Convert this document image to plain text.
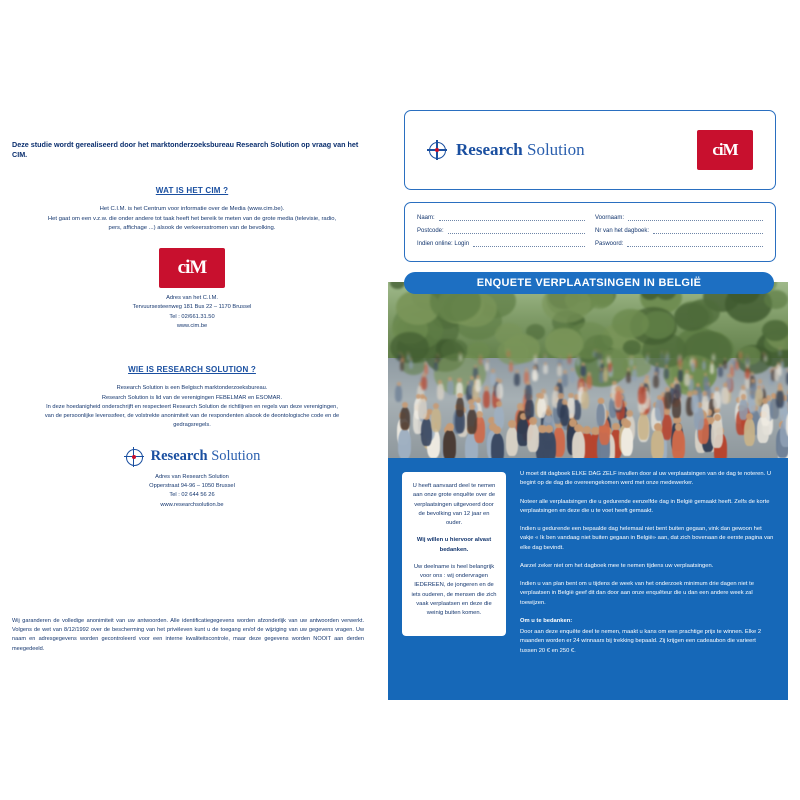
Deze studie wordt gerealiseerd door het marktonderzoeksbureau Research Solution op vraag van het CIM.

WAT IS HET CIM ?

Het C.I.M. is het Centrum voor informatie over de Media (www.cim.be).

Het gaat om een v.z.w. die onder andere tot taak heeft het bereik te meten van de grote media (televisie, radio, pers, affichage ...) alsook de verkeersstromen van de bevolking.

ciM
Adres van het C.I.M.
Tervuursesteenweg 181 Bus 22 – 1170 Brussel
Tel : 02/661.31.50
www.cim.be
WIE IS RESEARCH SOLUTION ?

Research Solution is een Belgisch marktonderzoeksbureau.

Research Solution is lid van de verenigingen FEBELMAR en ESOMAR.

In deze hoedanigheid onderschrijft en respecteert Research Solution de richtlijnen en regels van deze verenigingen, van de persoonlijke levenssfeer, de volstrekte anonimiteit van de respondenten alsook de deontologische code en de gedragsregels.

Research Solution
Adres van Research Solution
Opperstraat 94-96 – 1050 Brussel
Tel : 02 644 56 26
www.researchsolution.be
Wij garanderen de volledige anonimiteit van uw antwoorden. Alle identificatiegegevens worden afzonderlijk van uw antwoorden verwerkt. Volgens de wet van 8/12/1992 over de bescherming van het privéleven kunt u de toegang en/of de wijziging van uw gegevens vragen. Uw naam en adresgegevens worden gecontroleerd voor een interne kwaliteitscontrole, maar deze gegevens worden NOOIT aan derden meegedeeld.
Research Solution	ciM
Naam:	Voornaam:
Postcode:	Nr van het dagboek:
Indien online: Login	Paswoord:
ENQUETE VERPLAATSINGEN IN BELGIË

U heeft aanvaard deel te nemen aan onze grote enquête over de verplaatsingen uitgevoerd door de bevolking van 12 jaar en ouder.

Wij willen u hiervoor alvast bedanken.

Uw deelname is heel belangrijk voor ons : wij ondervragen IEDEREEN, de jongeren en de iets ouderen, de mensen die zich vaak verplaatsen en deze die weinig buiten komen.

U moet dit dagboek ELKE DAG ZELF invullen door al uw verplaatsingen van de dag te noteren. U begint op de dag die overeengekomen werd met onze medewerker.

Noteer alle verplaatsingen die u gedurende eenzelfde dag in België gemaakt heeft. Zelfs de korte verplaatsingen en deze die u te voet heeft gemaakt.

Indien u gedurende een bepaalde dag helemaal niet bent buiten gegaan, vink dan gewoon het vakje « Ik ben vandaag niet buiten gegaan in België» aan, dat zich bovenaan de eerste pagina van elke dag bevindt.

Aarzel zeker niet om het dagboek mee te nemen tijdens uw verplaatsingen.

Indien u van plan bent om u tijdens de week van het onderzoek minimum drie dagen niet te verplaatsen in België geef dit dan door aan onze enquêteur die u dan een andere week zal toewijzen.

Om u te bedanken:

Door aan deze enquête deel te nemen, maakt u kans om een prachtige prijs te winnen. Elke 2 maanden worden er 24 winnaars bij trekking bepaald. Zij krijgen een cadeaubon die varieert tussen 20 € en 250 €.
